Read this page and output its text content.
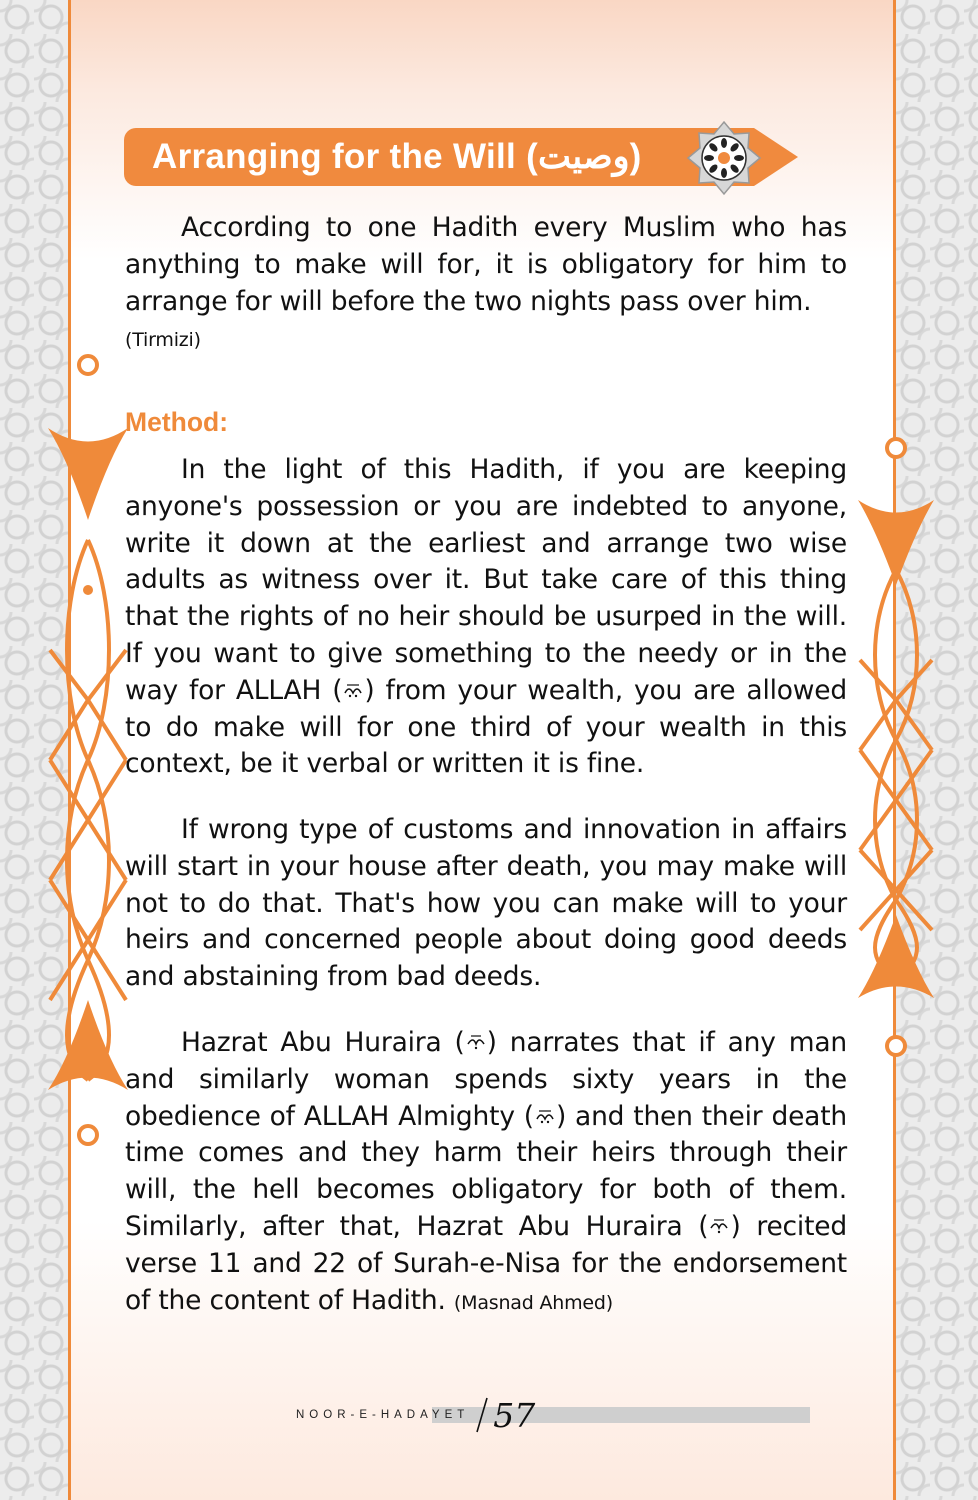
Arranging for the Will (وصیت)

According to one Hadith every Muslim who has anything to make will for, it is obligatory for him to arrange for will before the two nights pass over him.
(Tirmizi)

Method:

In the light of this Hadith, if you are keeping anyone's possession or you are indebted to anyone, write it down at the earliest and arrange two wise adults as witness over it. But take care of this thing that the rights of no heir should be usurped in the will. If you want to give something to the needy or in the way for ALLAH ( ) from your wealth, you are allowed to do make will for one third of your wealth in this context, be it verbal or written it is fine.

If wrong type of customs and innovation in affairs will start in your house after death, you may make will not to do that. That's how you can make will to your heirs and concerned people about doing good deeds and abstaining from bad deeds.

Hazrat Abu Huraira ( ) narrates that if any man and similarly woman spends sixty years in the obedience of ALLAH Almighty ( ) and then their death time comes and they harm their heirs through their will, the hell becomes obligatory for both of them. Similarly, after that, Hazrat Abu Huraira ( ) recited verse 11 and 22 of Surah-e-Nisa for the endorsement of the content of Hadith. (Masnad Ahmed)

NOOR-E-HADAYET 57
